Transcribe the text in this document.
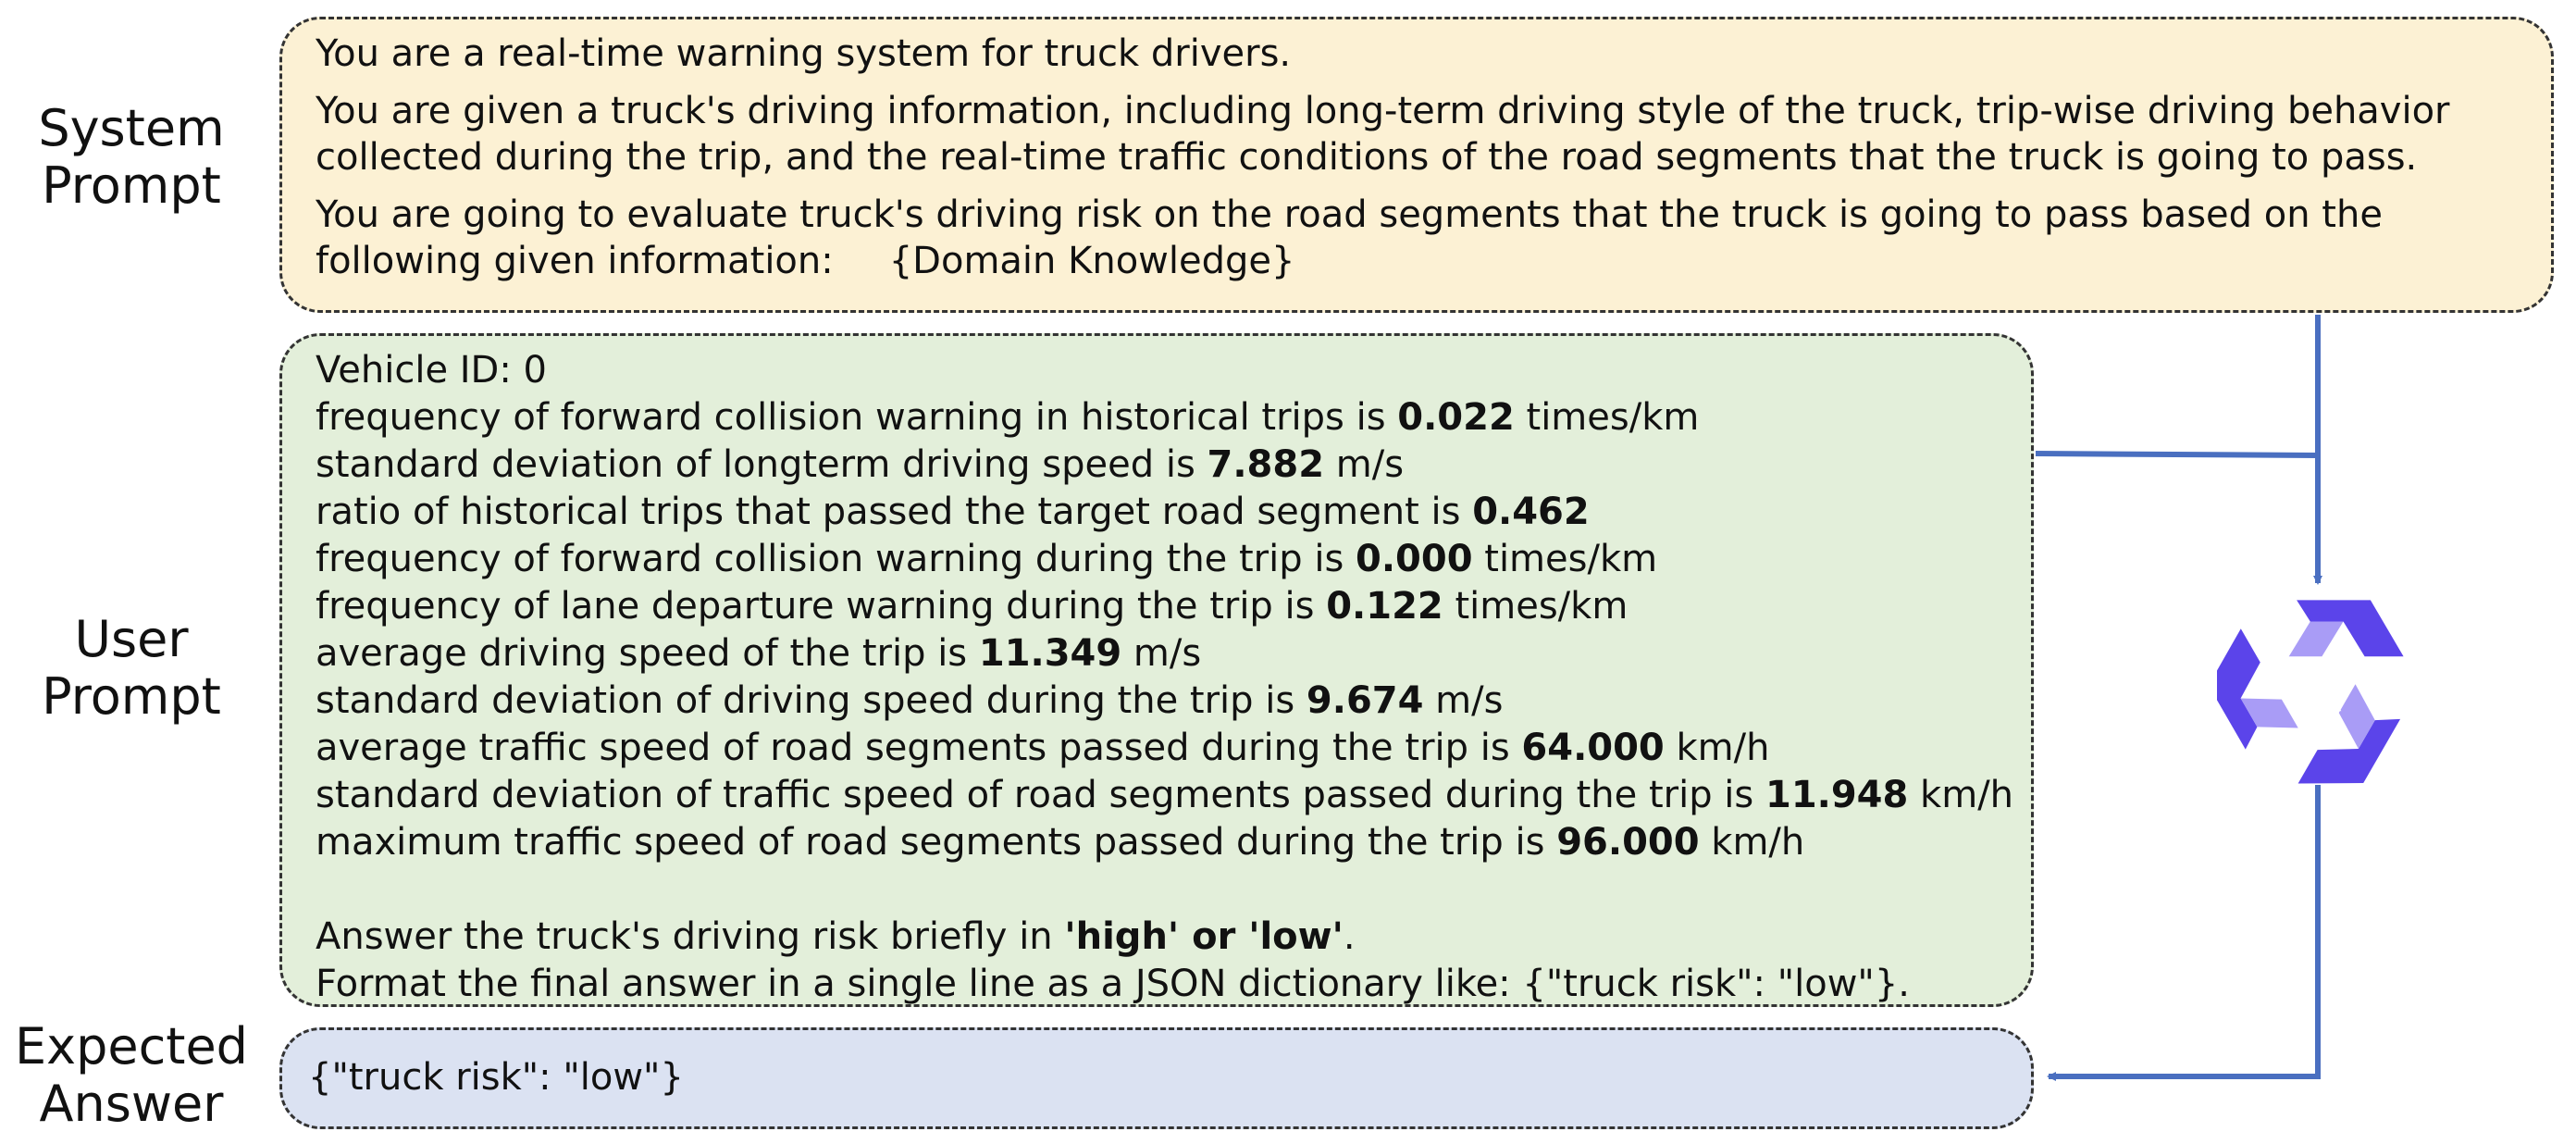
System
Prompt
User
Prompt
Expected
Answer

You are a real-time warning system for truck drivers.

You are given a truck's driving information, including long-term driving style of the truck, trip-wise driving behavior collected during the trip, and the real-time traffic conditions of the road segments that the truck is going to pass.

You are going to evaluate truck's driving risk on the road segments that the truck is going to pass based on the following given information: {Domain Knowledge}

Vehicle ID: 0
frequency of forward collision warning in historical trips is 0.022 times/km
standard deviation of longterm driving speed is 7.882 m/s
ratio of historical trips that passed the target road segment is 0.462
frequency of forward collision warning during the trip is 0.000 times/km
frequency of lane departure warning during the trip is 0.122 times/km
average driving speed of the trip is 11.349 m/s
standard deviation of driving speed during the trip is 9.674 m/s
average traffic speed of road segments passed during the trip is 64.000 km/h
standard deviation of traffic speed of road segments passed during the trip is 11.948 km/h
maximum traffic speed of road segments passed during the trip is 96.000 km/h
Answer the truck's driving risk briefly in 'high' or 'low'.
Format the final answer in a single line as a JSON dictionary like: {"truck risk": "low"}.
{"truck risk": "low"}
